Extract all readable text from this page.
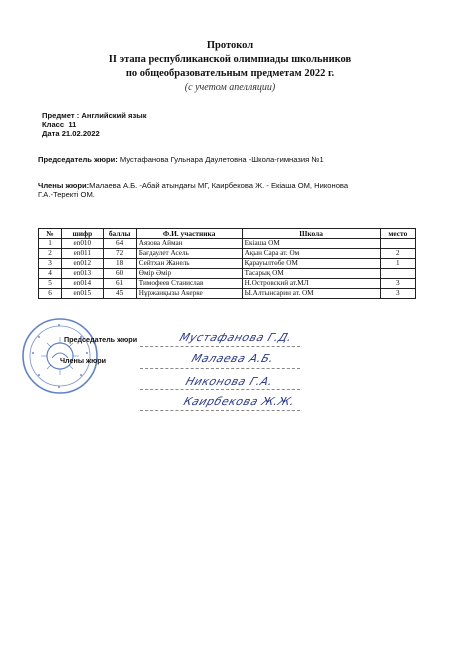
Протокол
II этапа республиканской олимпиады школьников
по общеобразовательным предметам 2022 г.
(с учетом апелляции)
Предмет : Английский язык
Класс 11
Дата 21.02.2022
Председатель жюри: Мустафанова Гульнара Даулетовна -Школа-гимназия №1
Члены жюри:Малаева А.Б. -Абай атындағы МГ, Каирбекова Ж. - Екіаша ОМ, Никонова
Г.А.-Теректі ОМ.
№	шифр	баллы	Ф.И. участника	Школа	место
1	en010	64	Аязова Айман	Екіаша ОМ	
2	en011	72	Бағдаулет Асель	Ақын Сара ат. Ом	2
3	en012	18	Сейтхан Жанель	Қарауылтөбе ОМ	1
4	en013	60	Өмір Әмір	Тасарық ОМ	
5	en014	61	Тимофеев Станислав	Н.Островский ат.МЛ	3
6	en015	45	Нұржанқызы Акерке	Ы.Алтынсарин ат. ОМ	3
Председатель жюри	Мустафанова Г.Д.
Члены жюри	Малаева А.Б.
Никонова Г.А.
Каирбекова Ж.Ж.
